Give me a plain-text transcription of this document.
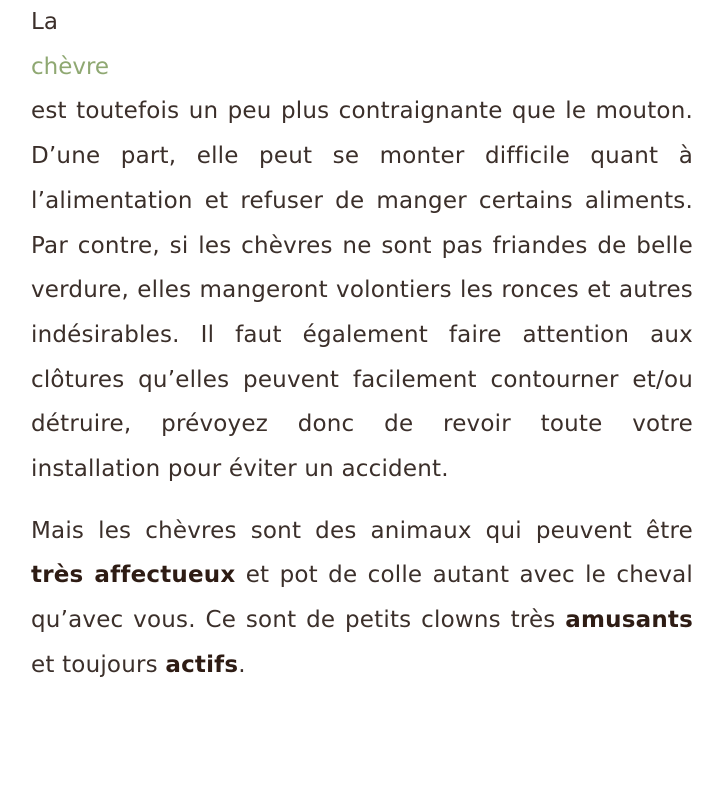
La
chèvre

est toutefois un peu plus contraignante que le mouton. D’une part, elle peut se monter difficile quant à l’alimentation et refuser de manger certains aliments. Par contre, si les chèvres ne sont pas friandes de belle verdure, elles mangeront volontiers les ronces et autres indésirables. Il faut également faire attention aux clôtures qu’elles peuvent facilement contourner et/ou détruire, prévoyez donc de revoir toute votre installation pour éviter un accident.

Mais les chèvres sont des animaux qui peuvent être très affectueux et pot de colle autant avec le cheval qu’avec vous. Ce sont de petits clowns très amusants et toujours actifs.
